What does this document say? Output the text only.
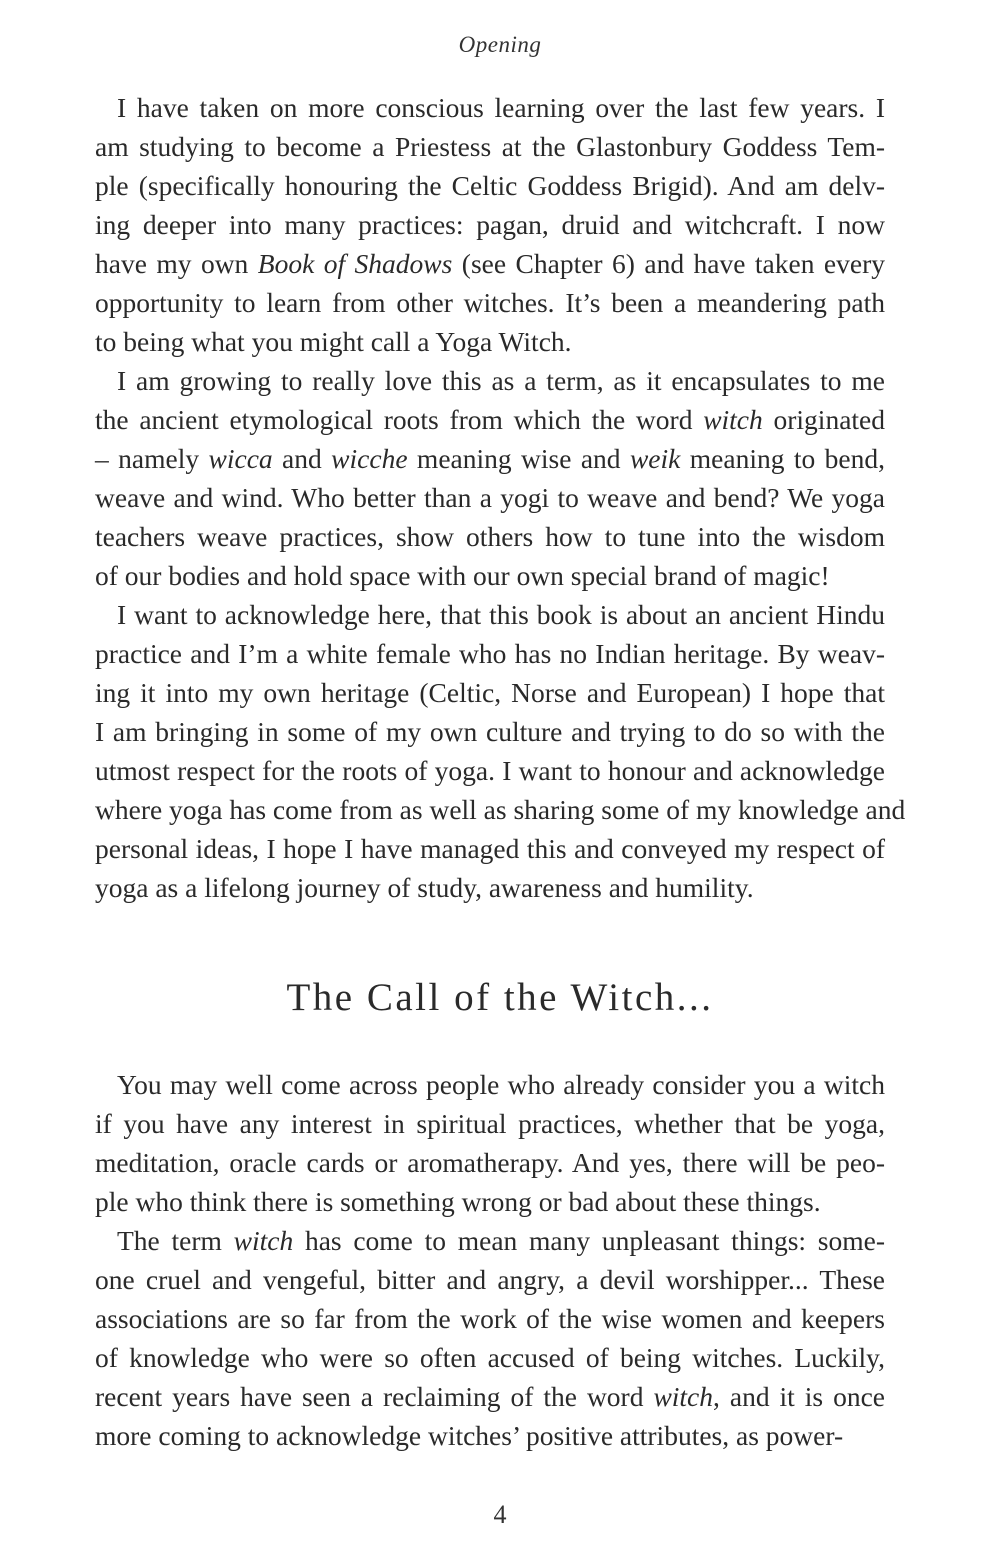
Opening
I have taken on more conscious learning over the last few years. I
am studying to become a Priestess at the Glastonbury Goddess Tem-
ple (specifically honouring the Celtic Goddess Brigid). And am delv-
ing deeper into many practices: pagan, druid and witchcraft. I now
have my own Book of Shadows (see Chapter 6) and have taken every
opportunity to learn from other witches. It’s been a meandering path
to being what you might call a Yoga Witch.
I am growing to really love this as a term, as it encapsulates to me
the ancient etymological roots from which the word witch originated
– namely wicca and wicche meaning wise and weik meaning to bend,
weave and wind. Who better than a yogi to weave and bend? We yoga
teachers weave practices, show others how to tune into the wisdom
of our bodies and hold space with our own special brand of magic!
I want to acknowledge here, that this book is about an ancient Hindu
practice and I’m a white female who has no Indian heritage. By weav-
ing it into my own heritage (Celtic, Norse and European) I hope that
I am bringing in some of my own culture and trying to do so with the
utmost respect for the roots of yoga. I want to honour and acknowledge
where yoga has come from as well as sharing some of my knowledge and
personal ideas, I hope I have managed this and conveyed my respect of
yoga as a lifelong journey of study, awareness and humility.
The Call of the Witch...
You may well come across people who already consider you a witch
if you have any interest in spiritual practices, whether that be yoga,
meditation, oracle cards or aromatherapy. And yes, there will be peo-
ple who think there is something wrong or bad about these things.
The term witch has come to mean many unpleasant things: some-
one cruel and vengeful, bitter and angry, a devil worshipper... These
associations are so far from the work of the wise women and keepers
of knowledge who were so often accused of being witches. Luckily,
recent years have seen a reclaiming of the word witch, and it is once
more coming to acknowledge witches’ positive attributes, as power-
4
